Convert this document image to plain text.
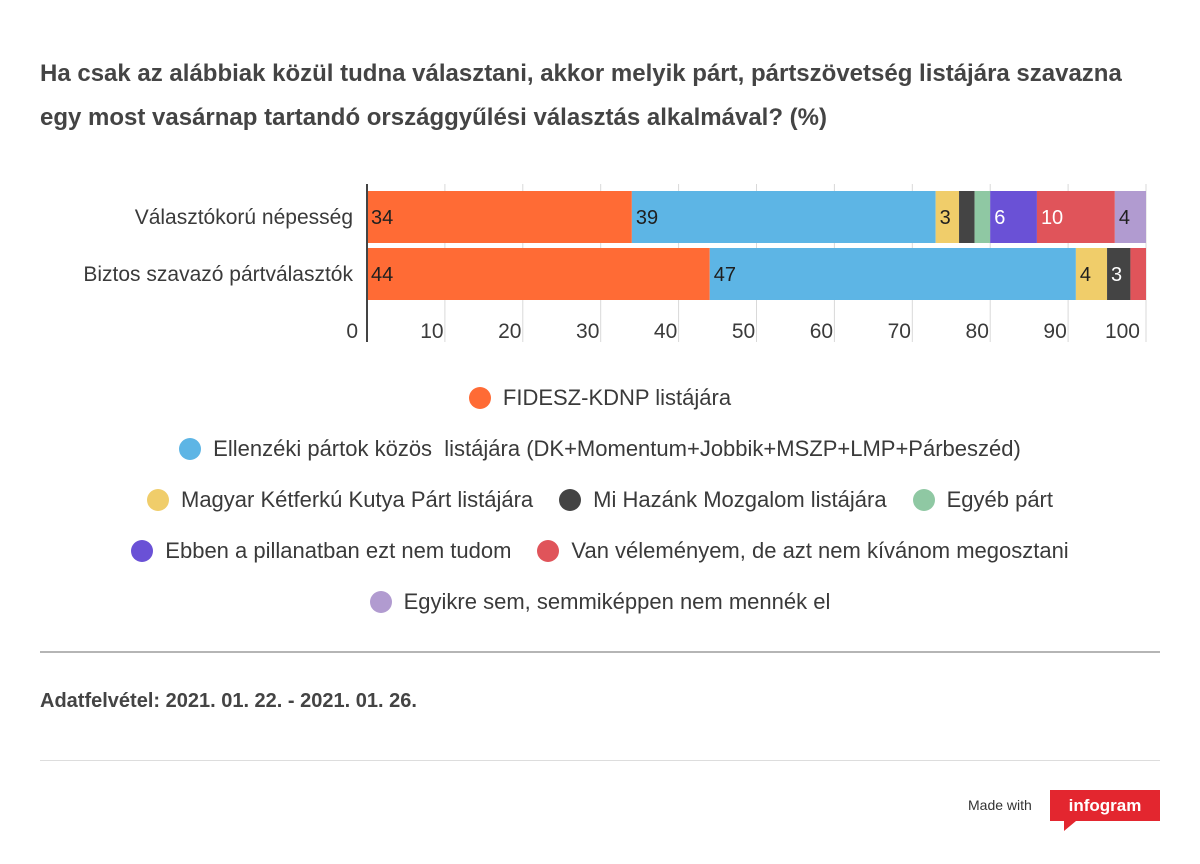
Ha csak az alábbiak közül tudna választani, akkor melyik párt, pártszövetség listájára szavazna egy most vasárnap tartandó országgyűlési választás alkalmával? (%)
34	39	3 6 10	4
Választókorú népesség
44	47	4 3
Biztos szavazó pártválasztók
0	10	20	30	40	50	60	70	80	90 100
FIDESZ-KDNP listájára
Ellenzéki pártok közös  listájára (DK+Momentum+Jobbik+MSZP+LMP+Párbeszéd)
Magyar Kétferkú Kutya Párt listájára	Mi Hazánk Mozgalom listájára	Egyéb párt
Ebben a pillanatban ezt nem tudom	Van véleményem, de azt nem kívánom megosztani
Egyikre sem, semmiképpen nem mennék el
Adatfelvétel: 2021. 01. 22. - 2021. 01. 26.
Made with infogram
